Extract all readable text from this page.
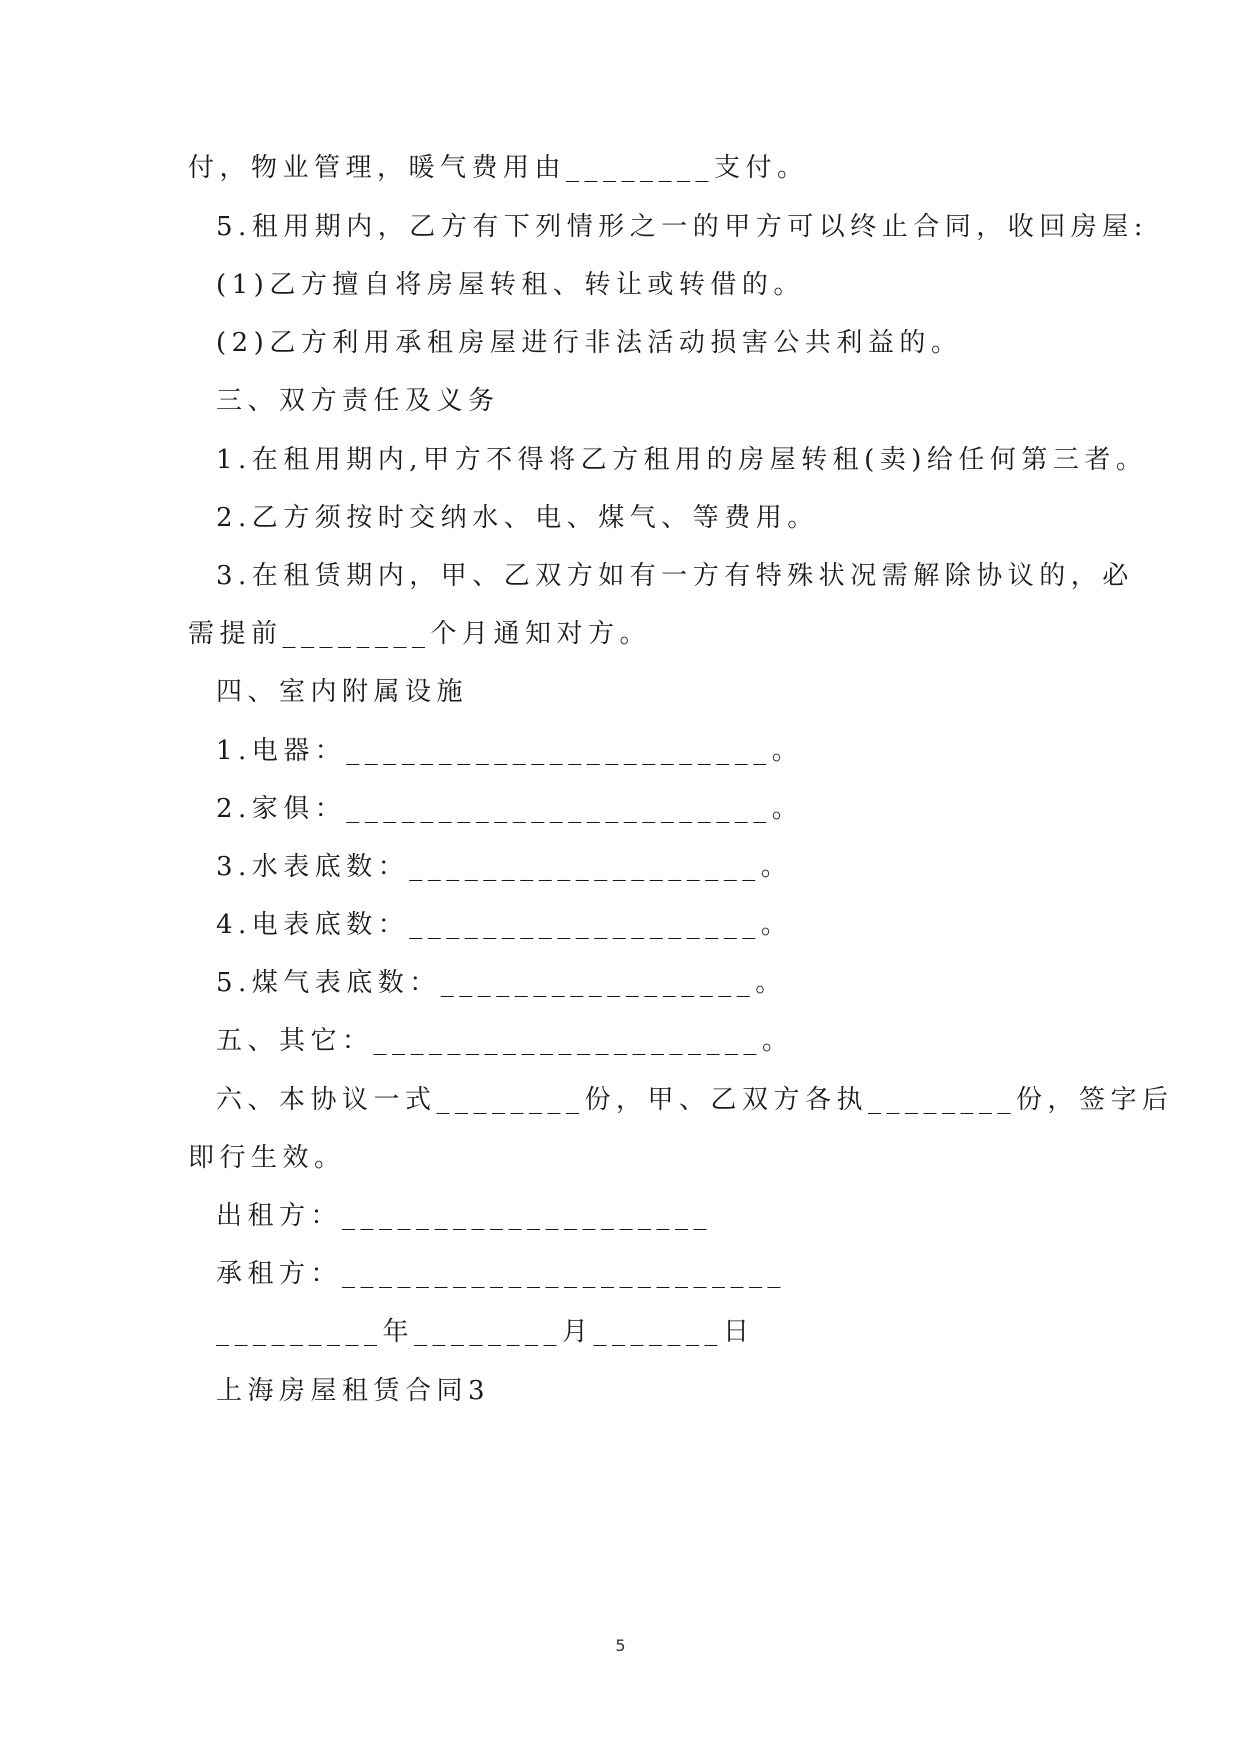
付，物业管理，暖气费用由________支付。
5.租用期内，乙方有下列情形之一的甲方可以终止合同，收回房屋:
(1)乙方擅自将房屋转租、转让或转借的。
(2)乙方利用承租房屋进行非法活动损害公共利益的。
三、双方责任及义务
1.在租用期内,甲方不得将乙方租用的房屋转租(卖)给任何第三者。
2.乙方须按时交纳水、电、煤气、等费用。
3.在租赁期内，甲、乙双方如有一方有特殊状况需解除协议的，必
需提前________个月通知对方。
四、室内附属设施
1.电器：_______________________。
2.家俱：_______________________。
3.水表底数：___________________。
4.电表底数：___________________。
5.煤气表底数：_________________。
五、其它：_____________________。
六、本协议一式________份，甲、乙双方各执________份，签字后
即行生效。
出租方：____________________
承租方：________________________
_________年________月_______日
上海房屋租赁合同3
5
